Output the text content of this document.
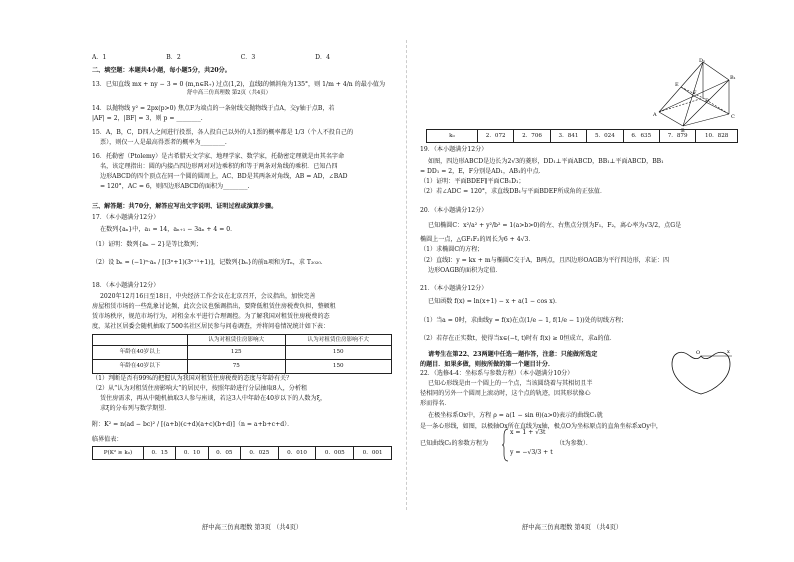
A．1	B．2	C．3	D．4
二、填空题：本题共4小题，每小题5分，共20分。
13．已知直线 mx + ny − 3 = 0 (m,n∈R₊) 过点(1,2)，直线l的倾斜角为135°，则 1/m + 4/n 的最小值为
舒中高三仿真理数 第2页（共4页）
14．以抛物线 y² = 2px(p>0) 焦点F为端点的一条射线交抛物线于点A，交y轴于点B，若
|AF| = 2，|BF| = 3，则 p = ________.
15．A，B，C，D四人之间进行投票，各人投自己以外的人1票的概率都是 1/3（个人不投自己的
票），则仅一人是最高得票者的概率为________.
16．托勒密（Ptolemy）是古希腊天文学家、地理学家、数学家，托勒密定理就是由其名字命
名，该定理指出：圆的内接凸四边形两对对边乘积的和等于两条对角线的乘积．已知凸四
边形ABCD的四个顶点在同一个圆的圆周上，AC、BD是其两条对角线，AB = AD，∠BAD
= 120°，AC = 6，则四边形ABCD的面积为________.
三、解答题：共70分，解答应写出文字说明、证明过程或演算步骤。
17．（本小题满分12分）
在数列{aₙ}中，a₁ = 14，aₙ₊₁ − 3aₙ + 4 = 0．
（1）证明：数列{aₙ − 2}是等比数列；
（2）设 bₙ = (−1)ⁿ·aₙ / [(3ⁿ+1)(3ⁿ⁺¹+1)]，记数列{bₙ}的前n项和为Tₙ，求 T₂₀₂₀．
18．（本小题满分12分）
2020年12月16日至18日，中央经济工作会议在北京召开，会议指出，加快完善
房屋租赁市场的一些乱象讨论频，此次会议也强调指出，要降低租赁住房税费负担，整顿租
赁市场秩序，规范市场行为，对租金水平进行合理调控。为了解我国对租赁住房税费的态
度，某社区居委会随机抽取了500名社区居民参与问卷调查，并将问卷情况统计如下表：
	认为对租赁住房影响大	认为对租赁住房影响不大
年龄在40岁以上	125	150
年龄在40岁以下	75	150
（1）判断是否有99%的把握认为我国对租赁住房税费的态度与年龄有关？
（2）从“认为对租赁住房影响大”的居民中，按照年龄进行分层抽取8人，分析租
赁住房需求，再从中随机抽取3人参与座谈，若这3人中年龄在40岁以下的人数为ξ，
求ξ的分布列与数学期望．
附：K² = n(ad − bc)² / [(a+b)(c+d)(a+c)(b+d)]（n = a+b+c+d）．
临界值表：
P(K² ≥ k₀)	0．15	0．10	0．05	0．025	0．010	0．005	0．001
舒中高三仿真理数 第3页 （共4页）
D₁
B₁
E
F
A
B
C
D
k₀	2．072	2．706	3．841	5．024	6．635	7．879	10．828
19．（本小题满分12分）
如图，四边形ABCD是边长为2√3的菱形，DD₁⊥平面ABCD，BB₁⊥平面ABCD，BB₁
= DD₁ = 2，E，F分别是AD₁，AB₁的中点．
（1）证明：平面BDEF∥平面CB₁D₁；
（2）若∠ADC = 120°，求直线DB₁与平面BDEF所成角的正弦值．
20．（本小题满分12分）
已知椭圆C：x²/a² + y²/b² = 1(a>b>0)的左、右焦点分别为F₁，F₂，离心率为√3/2，点G是
椭圆上一点，△GF₁F₂的周长为6 + 4√3．
（1）求椭圆C的方程；
（2）直线l：y = kx + m与椭圆C交于A，B两点，且四边形OAGB为平行四边形，求证：四
边形OAGB的面积为定值．
21．（本小题满分12分）
已知函数 f(x) = ln(x+1) − x + a(1 − cos x)．
（1）当a = 0时，求曲线y = f(x)在点(1/e − 1, f(1/e − 1))处的切线方程；
（2）若存在正实数t，使得当x∈(−t, t)时有 f(x) ≥ 0恒成立，求a的值．
请考生在第22、23两题中任选一题作答，注意：只能做所选定
的题目．如果多做，则按所做的第一个题目计分．
22．（选修4-4：坐标系与参数方程）（本小题满分10分）
已知心形线是由一个圆上的一个点，当该圆绕着与其相切且半
径相同的另外一个圆周上滚动时，这个点的轨迹，因其形状像心
形而得名．
在极坐标系Ox中，方程 ρ = a(1 − sin θ)(a>0)表示的曲线C₁就
是一条心形线，如图，以极轴Ox所在直线为x轴，极点O为坐标原点的直角坐标系xOy中，
已知曲线C₂的参数方程为
x = 1 + √3t
y = −√3/3 + t
（t为参数）．
O	x
舒中高三仿真理数 第4页 （共4页）
